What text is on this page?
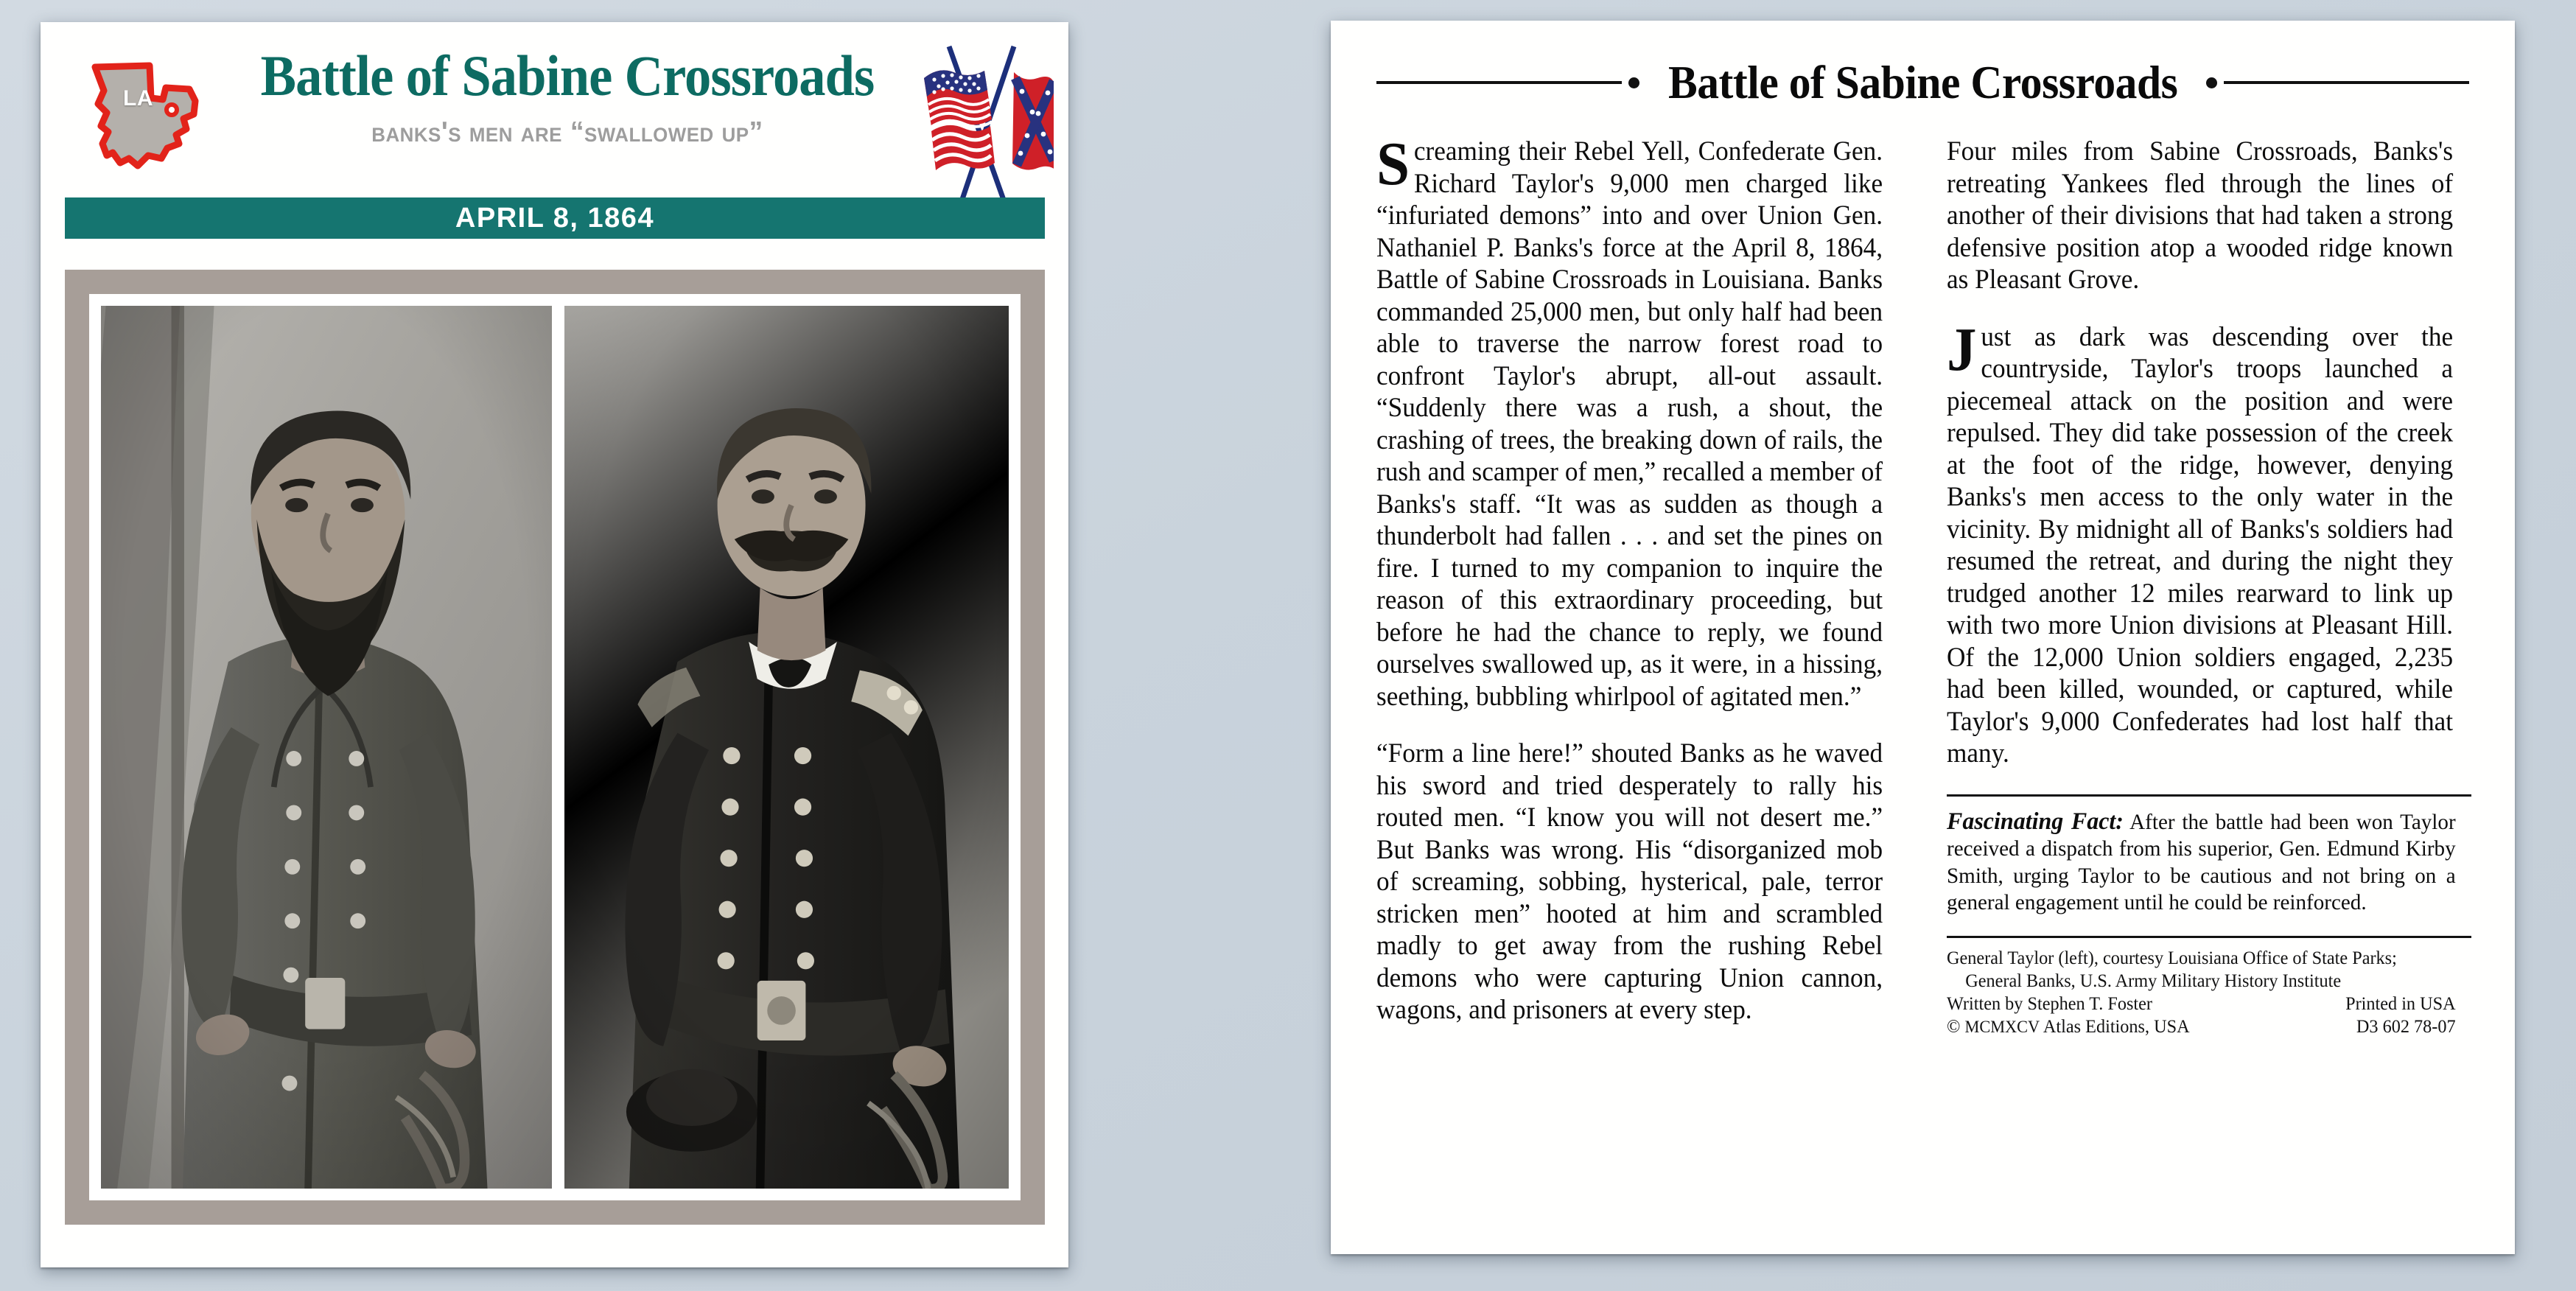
LA	Battle of Sabine Crossroads
banks's men are “swallowed up”
APRIL 8, 1864
Battle of Sabine Crossroads

Screaming their Rebel Yell, Confederate Gen. Richard Taylor's 9,000 men charged like “infuriated demons” into and over Union Gen. Nathaniel P. Banks's force at the April 8, 1864, Battle of Sabine Crossroads in Louisiana. Banks commanded 25,000 men, but only half had been able to traverse the narrow forest road to confront Taylor's abrupt, all-out assault. “Suddenly there was a rush, a shout, the crashing of trees, the breaking down of rails, the rush and scamper of men,” recalled a member of Banks's staff. “It was as sudden as though a thunderbolt had fallen . . . and set the pines on fire. I turned to my companion to inquire the reason of this extraordinary proceeding, but before he had the chance to reply, we found ourselves swallowed up, as it were, in a hissing, seething, bubbling whirlpool of agitated men.”

“Form a line here!” shouted Banks as he waved his sword and tried desperately to rally his routed men. “I know you will not desert me.” But Banks was wrong. His “disorganized mob of screaming, sobbing, hysterical, pale, terror stricken men” hooted at him and scrambled madly to get away from the rushing Rebel demons who were capturing Union cannon, wagons, and prisoners at every step.

Four miles from Sabine Crossroads, Banks's retreating Yankees fled through the lines of another of their divisions that had taken a strong defensive position atop a wooded ridge known as Pleasant Grove.

Just as dark was descending over the countryside, Taylor's troops launched a piecemeal attack on the position and were repulsed. They did take possession of the creek at the foot of the ridge, however, denying Banks's men access to the only water in the vicinity. By midnight all of Banks's soldiers had resumed the retreat, and during the night they trudged another 12 miles rearward to link up with two more Union divisions at Pleasant Hill. Of the 12,000 Union soldiers engaged, 2,235 had been killed, wounded, or captured, while Taylor's 9,000 Confederates had lost half that many.

Fascinating Fact: After the battle had been won Taylor received a dispatch from his superior, Gen. Edmund Kirby Smith, urging Taylor to be cautious and not bring on a general engagement until he could be reinforced.
General Taylor (left), courtesy Louisiana Office of State Parks;
General Banks, U.S. Army Military History Institute
Written by Stephen T. Foster	Printed in USA
© MCMXCV Atlas Editions, USA	D3 602 78-07
